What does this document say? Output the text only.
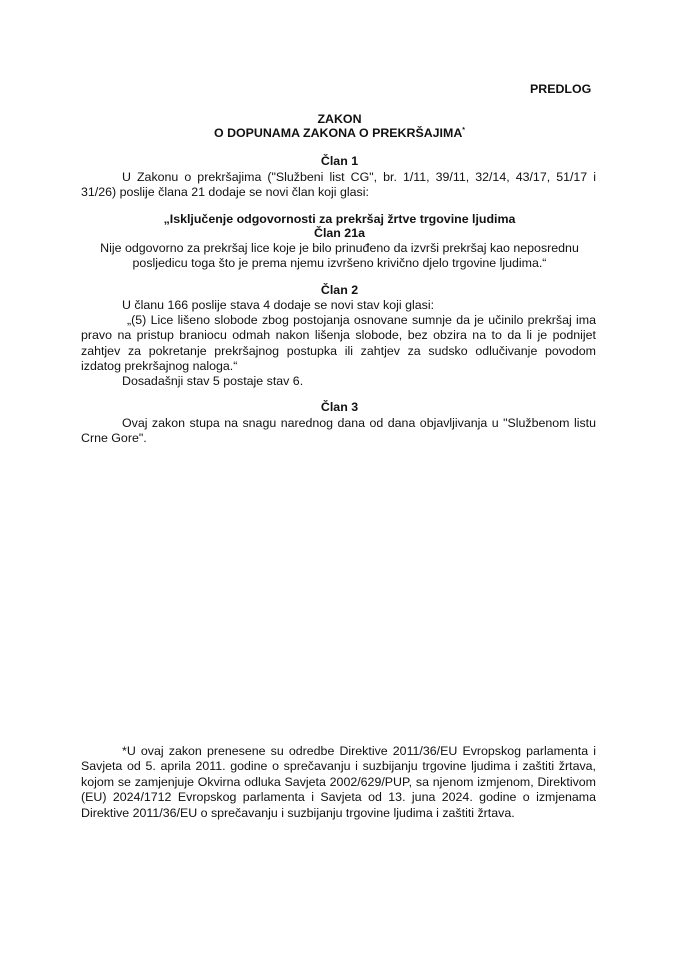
PREDLOG
ZAKON
O DOPUNAMA ZAKONA O PREKRŠAJIMA*
Član 1
U Zakonu o prekršajima ("Službeni list CG", br. 1/11, 39/11, 32/14, 43/17, 51/17 i 31/26) poslije člana 21 dodaje se novi član koji glasi:
„Isključenje odgovornosti za prekršaj žrtve trgovine ljudima
Član 21a
Nije odgovorno za prekršaj lice koje je bilo prinuđeno da izvrši prekršaj kao neposrednu posljedicu toga što je prema njemu izvršeno krivično djelo trgovine ljudima.“
Član 2
U članu 166 poslije stava 4 dodaje se novi stav koji glasi:
„(5) Lice lišeno slobode zbog postojanja osnovane sumnje da je učinilo prekršaj ima pravo na pristup braniocu odmah nakon lišenja slobode, bez obzira na to da li je podnijet zahtjev za pokretanje prekršajnog postupka ili zahtjev za sudsko odlučivanje povodom izdatog prekršajnog naloga.“
Dosadašnji stav 5 postaje stav 6.
Član 3
Ovaj zakon stupa na snagu narednog dana od dana objavljivanja u "Službenom listu Crne Gore".
*U ovaj zakon prenesene su odredbe Direktive 2011/36/EU Evropskog parlamenta i Savjeta od 5. aprila 2011. godine o sprečavanju i suzbijanju trgovine ljudima i zaštiti žrtava, kojom se zamjenjuje Okvirna odluka Savjeta 2002/629/PUP, sa njenom izmjenom, Direktivom (EU) 2024/1712 Evropskog parlamenta i Savjeta od 13. juna 2024. godine o izmjenama Direktive 2011/36/EU o sprečavanju i suzbijanju trgovine ljudima i zaštiti žrtava.
